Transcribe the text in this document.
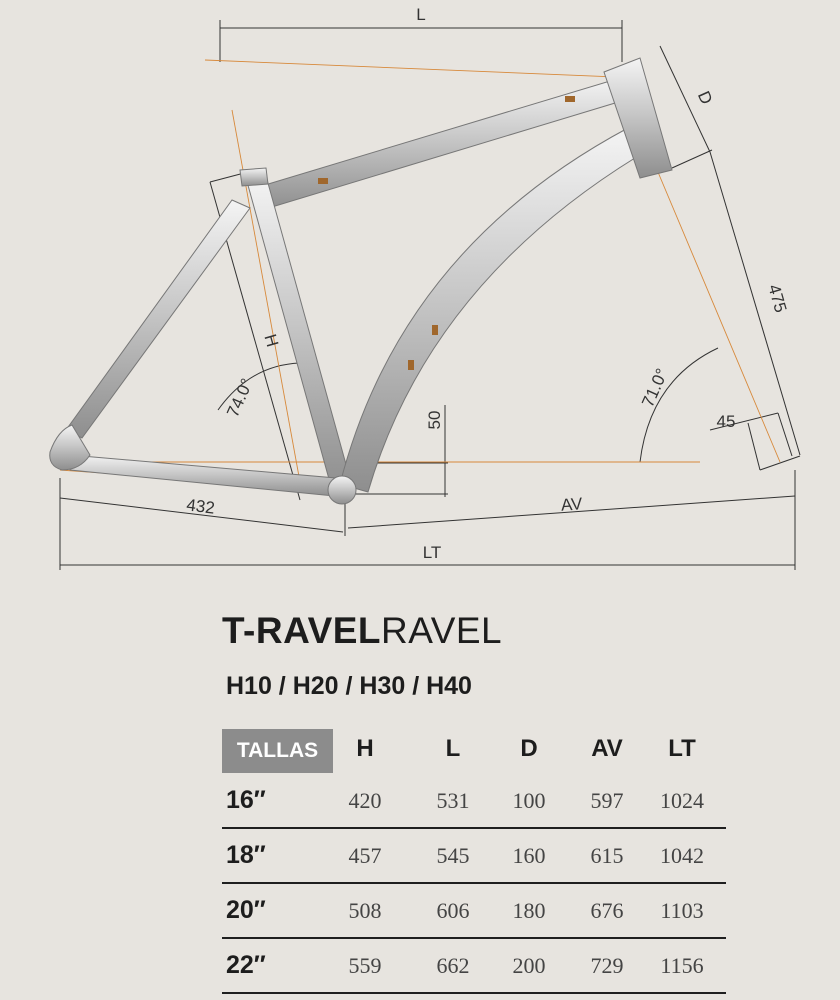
L
D
475
H
74.0°	71.0°
50	45
432	AV
LT
T-RAVELRAVEL
H10 / H20 / H30 / H40
TALLAS	H	L D AV LT
16″	420	531 100 597 1024
18″	457	545 160 615 1042
20″	508	606 180 676 1103
22″	559	662 200 729 1156
